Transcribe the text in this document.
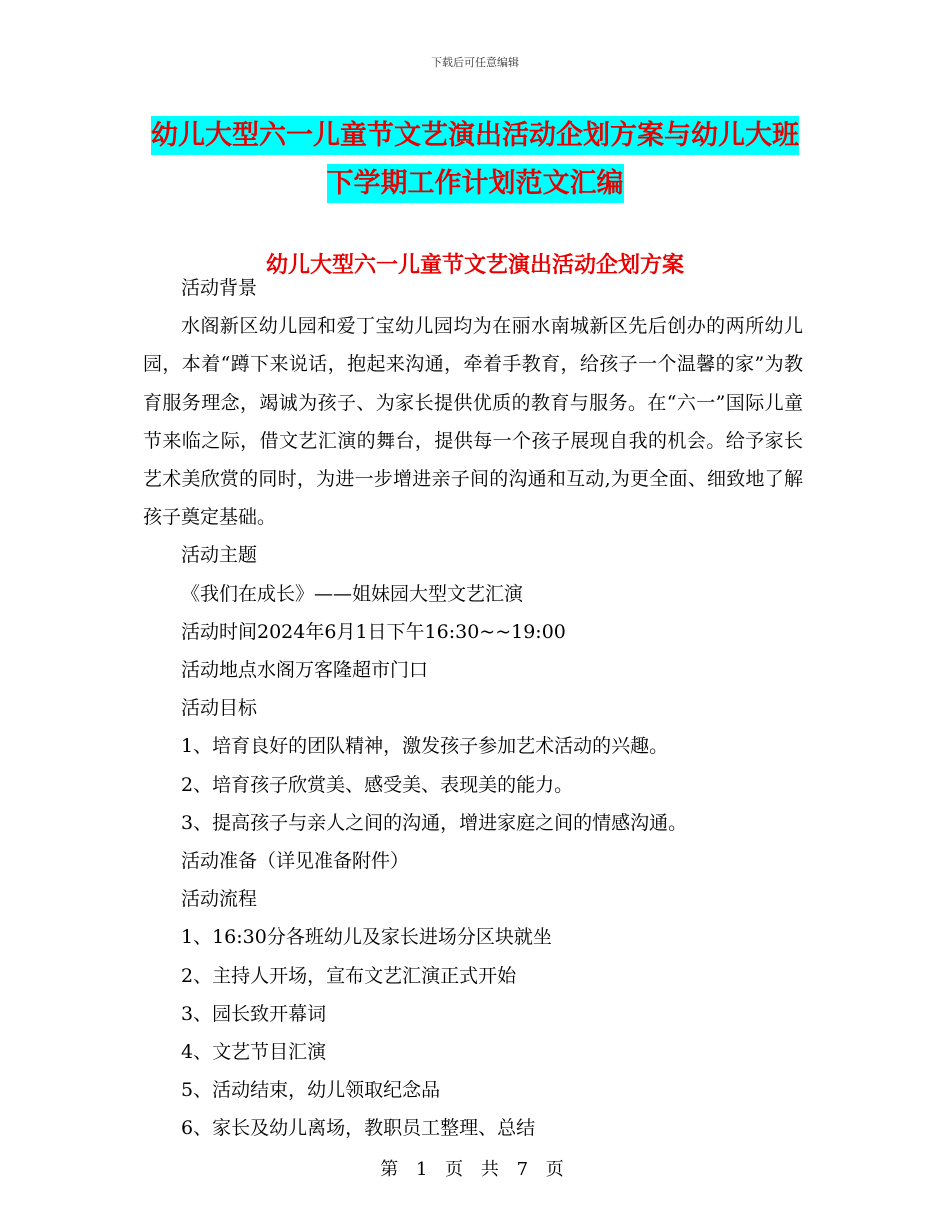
下载后可任意编辑
幼儿大型六一儿童节文艺演出活动企划方案与幼儿大班下学期工作计划范文汇编
幼儿大型六一儿童节文艺演出活动企划方案

活动背景

水阁新区幼儿园和爱丁宝幼儿园均为在丽水南城新区先后创办的两所幼儿园，本着“蹲下来说话，抱起来沟通，牵着手教育，给孩子一个温馨的家”为教育服务理念，竭诚为孩子、为家长提供优质的教育与服务。在“六一”国际儿童节来临之际，借文艺汇演的舞台，提供每一个孩子展现自我的机会。给予家长艺术美欣赏的同时，为进一步增进亲子间的沟通和互动,为更全面、细致地了解孩子奠定基础。

活动主题

《我们在成长》——姐妹园大型文艺汇演

活动时间2024年6月1日下午16:30~~19:00

活动地点水阁万客隆超市门口

活动目标

1、培育良好的团队精神，激发孩子参加艺术活动的兴趣。

2、培育孩子欣赏美、感受美、表现美的能力。

3、提高孩子与亲人之间的沟通，增进家庭之间的情感沟通。

活动准备（详见准备附件）

活动流程

1、16:30分各班幼儿及家长进场分区块就坐

2、主持人开场，宣布文艺汇演正式开始

3、园长致开幕词

4、文艺节目汇演

5、活动结束，幼儿领取纪念品

6、家长及幼儿离场，教职员工整理、总结

第 1 页 共 7 页
